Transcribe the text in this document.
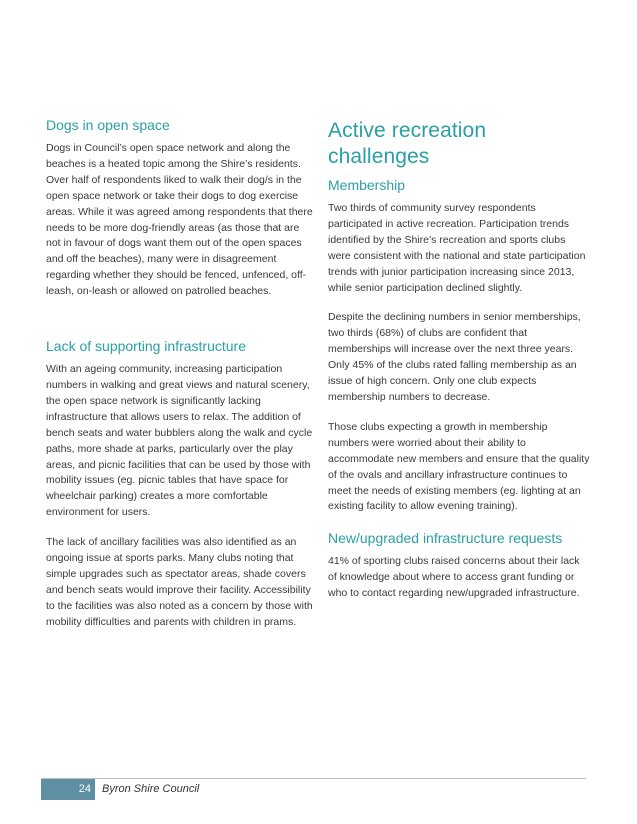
Dogs in open space

Dogs in Council’s open space network and along the beaches is a heated topic among the Shire’s residents. Over half of respondents liked to walk their dog/s in the open space network or take their dogs to dog exercise areas. While it was agreed among respondents that there needs to be more dog-friendly areas (as those that are not in favour of dogs want them out of the open spaces and off the beaches), many were in disagreement regarding whether they should be fenced, unfenced, off-leash, on-leash or allowed on patrolled beaches.

Lack of supporting infrastructure

With an ageing community, increasing participation numbers in walking and great views and natural scenery, the open space network is significantly lacking infrastructure that allows users to relax. The addition of bench seats and water bubblers along the walk and cycle paths, more shade at parks, particularly over the play areas, and picnic facilities that can be used by those with mobility issues (eg. picnic tables that have space for wheelchair parking) creates a more comfortable environment for users.

The lack of ancillary facilities was also identified as an ongoing issue at sports parks. Many clubs noting that simple upgrades such as spectator areas, shade covers and bench seats would improve their facility. Accessibility to the facilities was also noted as a concern by those with mobility difficulties and parents with children in prams.

Active recreation challenges
Membership

Two thirds of community survey respondents participated in active recreation. Participation trends identified by the Shire’s recreation and sports clubs were consistent with the national and state participation trends with junior participation increasing since 2013, while senior participation declined slightly.

Despite the declining numbers in senior memberships, two thirds (68%) of clubs are confident that memberships will increase over the next three years. Only 45% of the clubs rated falling membership as an issue of high concern. Only one club expects membership numbers to decrease.

Those clubs expecting a growth in membership numbers were worried about their ability to accommodate new members and ensure that the quality of the ovals and ancillary infrastructure continues to meet the needs of existing members (eg. lighting at an existing facility to allow evening training).

New/upgraded infrastructure requests

41% of sporting clubs raised concerns about their lack of knowledge about where to access grant funding or who to contact regarding new/upgraded infrastructure.

24	Byron Shire Council
